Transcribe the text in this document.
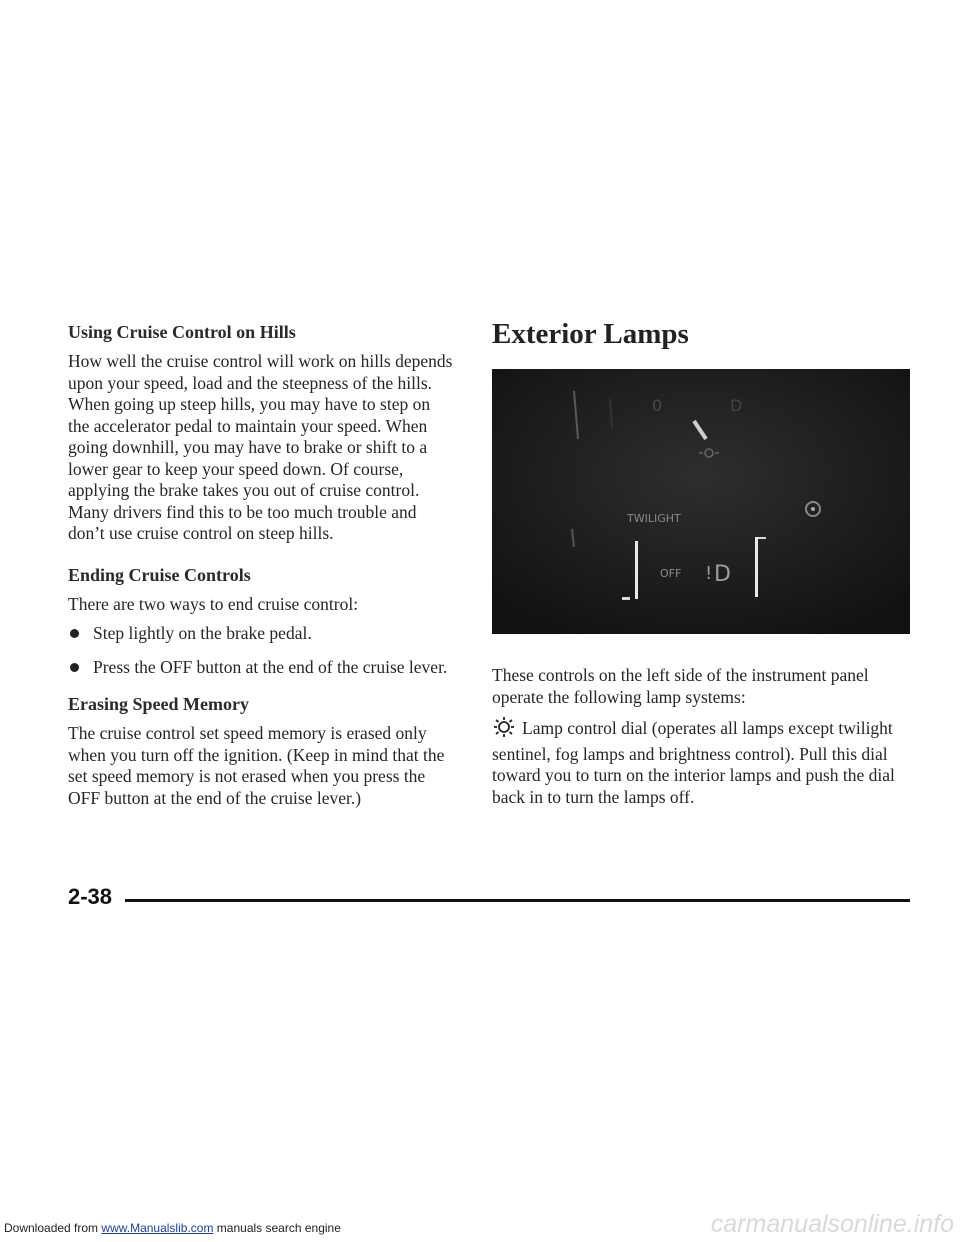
Using Cruise Control on Hills

How well the cruise control will work on hills depends upon your speed, load and the steepness of the hills. When going up steep hills, you may have to step on the accelerator pedal to maintain your speed. When going downhill, you may have to brake or shift to a lower gear to keep your speed down. Of course, applying the brake takes you out of cruise control. Many drivers find this to be too much trouble and don’t use cruise control on steep hills.

Ending Cruise Controls

There are two ways to end cruise control:

Step lightly on the brake pedal.
Press the OFF button at the end of the cruise lever.
Erasing Speed Memory

The cruise control set speed memory is erased only when you turn off the ignition. (Keep in mind that the set speed memory is not erased when you press the OFF button at the end of the cruise lever.)

Exterior Lamps
0	D
TWILIGHT
OFF D
!

These controls on the left side of the instrument panel operate the following lamp systems:

Lamp control dial (operates all lamps except twilight sentinel, fog lamps and brightness control). Pull this dial toward you to turn on the interior lamps and push the dial back in to turn the lamps off.

2-38
Downloaded from www.Manualslib.com manuals search engine	carmanualsonline.info
